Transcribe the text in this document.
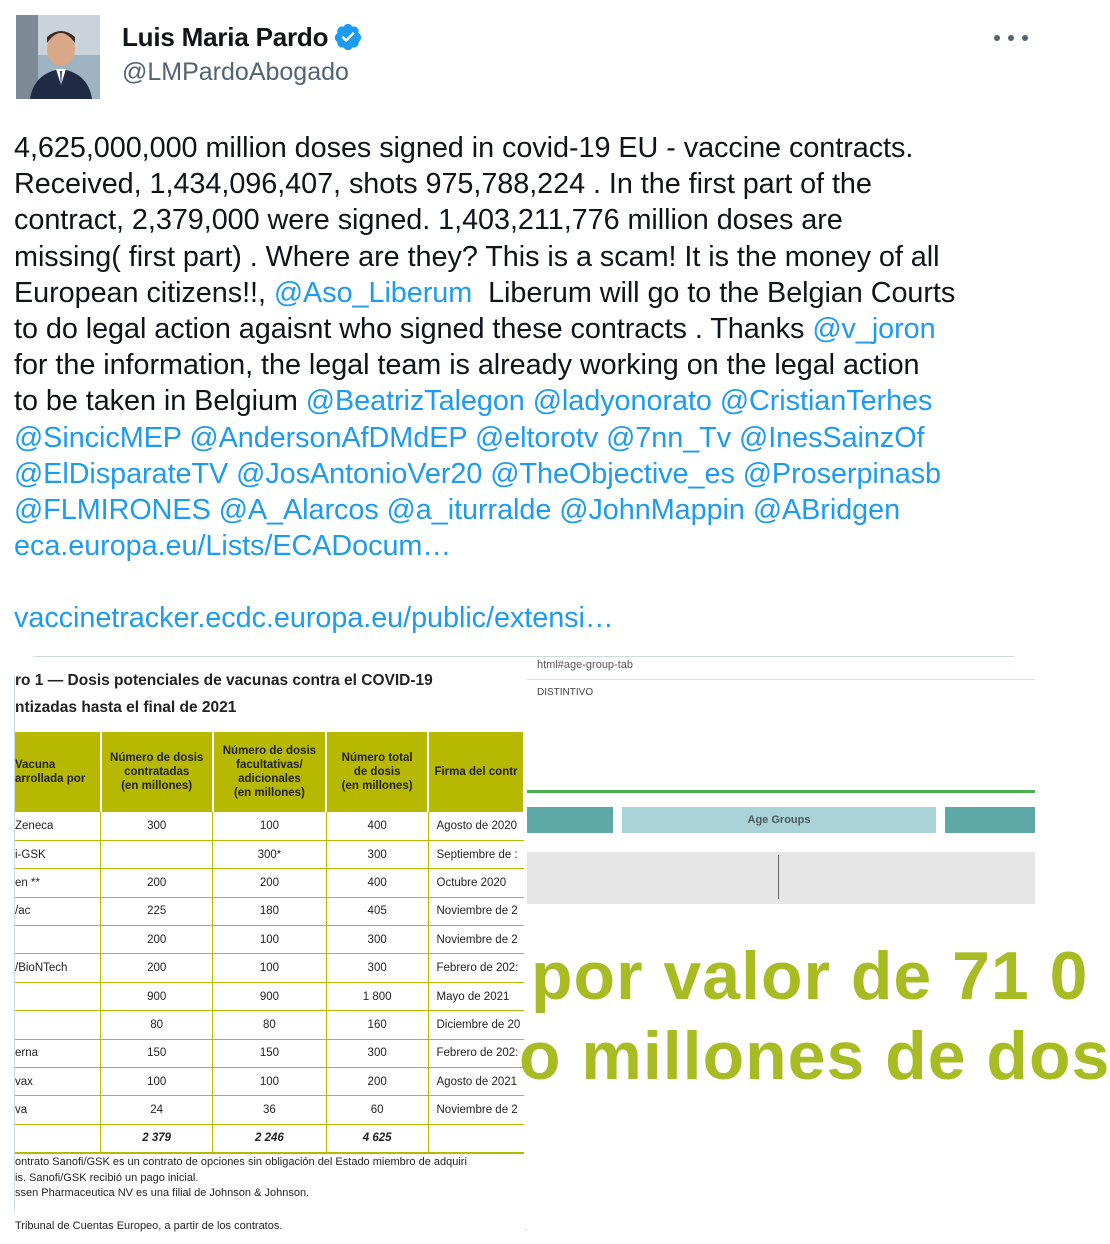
Luis Maria Pardo
@LMPardoAbogado
4,625,000,000 million doses signed in covid-19 EU - vaccine contracts.
Received, 1,434,096,407, shots 975,788,224 . In the first part of the
contract, 2,379,000 were signed. 1,403,211,776 million doses are
missing( first part) . Where are they? This is a scam! It is the money of all
European citizens!!, @Aso_Liberum  Liberum will go to the Belgian Courts
to do legal action agaisnt who signed these contracts . Thanks @v_joron
for the information, the legal team is already working on the legal action
to be taken in Belgium @BeatrizTalegon @ladyonorato @CristianTerhes
@SincicMEP @AndersonAfDMdEP @eltorotv @7nn_Tv @InesSainzOf
@ElDisparateTV @JosAntonioVer20 @TheObjective_es @Proserpinasb
@FLMIRONES @A_Alarcos @a_iturralde @JohnMappin @ABridgen
eca.europa.eu/Lists/ECADocum…
vaccinetracker.ecdc.europa.eu/public/extensi…
ro 1 — Dosis potenciales de vacunas contra el COVID-19
ntizadas hasta el final de 2021
Vacuna
arrollada por	Número de dosis
contratadas
(en millones)	Número de dosis
facultativas/
adicionales
(en millones)	Número total
de dosis
(en millones)	Firma del contr
Zeneca	300	100	400	Agosto de 2020
i-GSK		300*	300	Septiembre de :
en **	200	200	400	Octubre 2020
/ac	225	180	405	Noviembre de 2
	200	100	300	Noviembre de 2
/BioNTech	200	100	300	Febrero de 202:
	900	900	1 800	Mayo de 2021
	80	80	160	Diciembre de 20
erna	150	150	300	Febrero de 202:
vax	100	100	200	Agosto de 2021
va	24	36	60	Noviembre de 2
	2 379	2 246	4 625	
ontrato Sanofi/GSK es un contrato de opciones sin obligación del Estado miembro de adquiri
is. Sanofi/GSK recibió un pago inicial.
ssen Pharmaceutica NV es una filial de Johnson & Johnson.
Tribunal de Cuentas Europeo, a partir de los contratos.
html#age-group-tab
DISTINTIVO
Age Groups
por valor de 71 0
o millones de dos
